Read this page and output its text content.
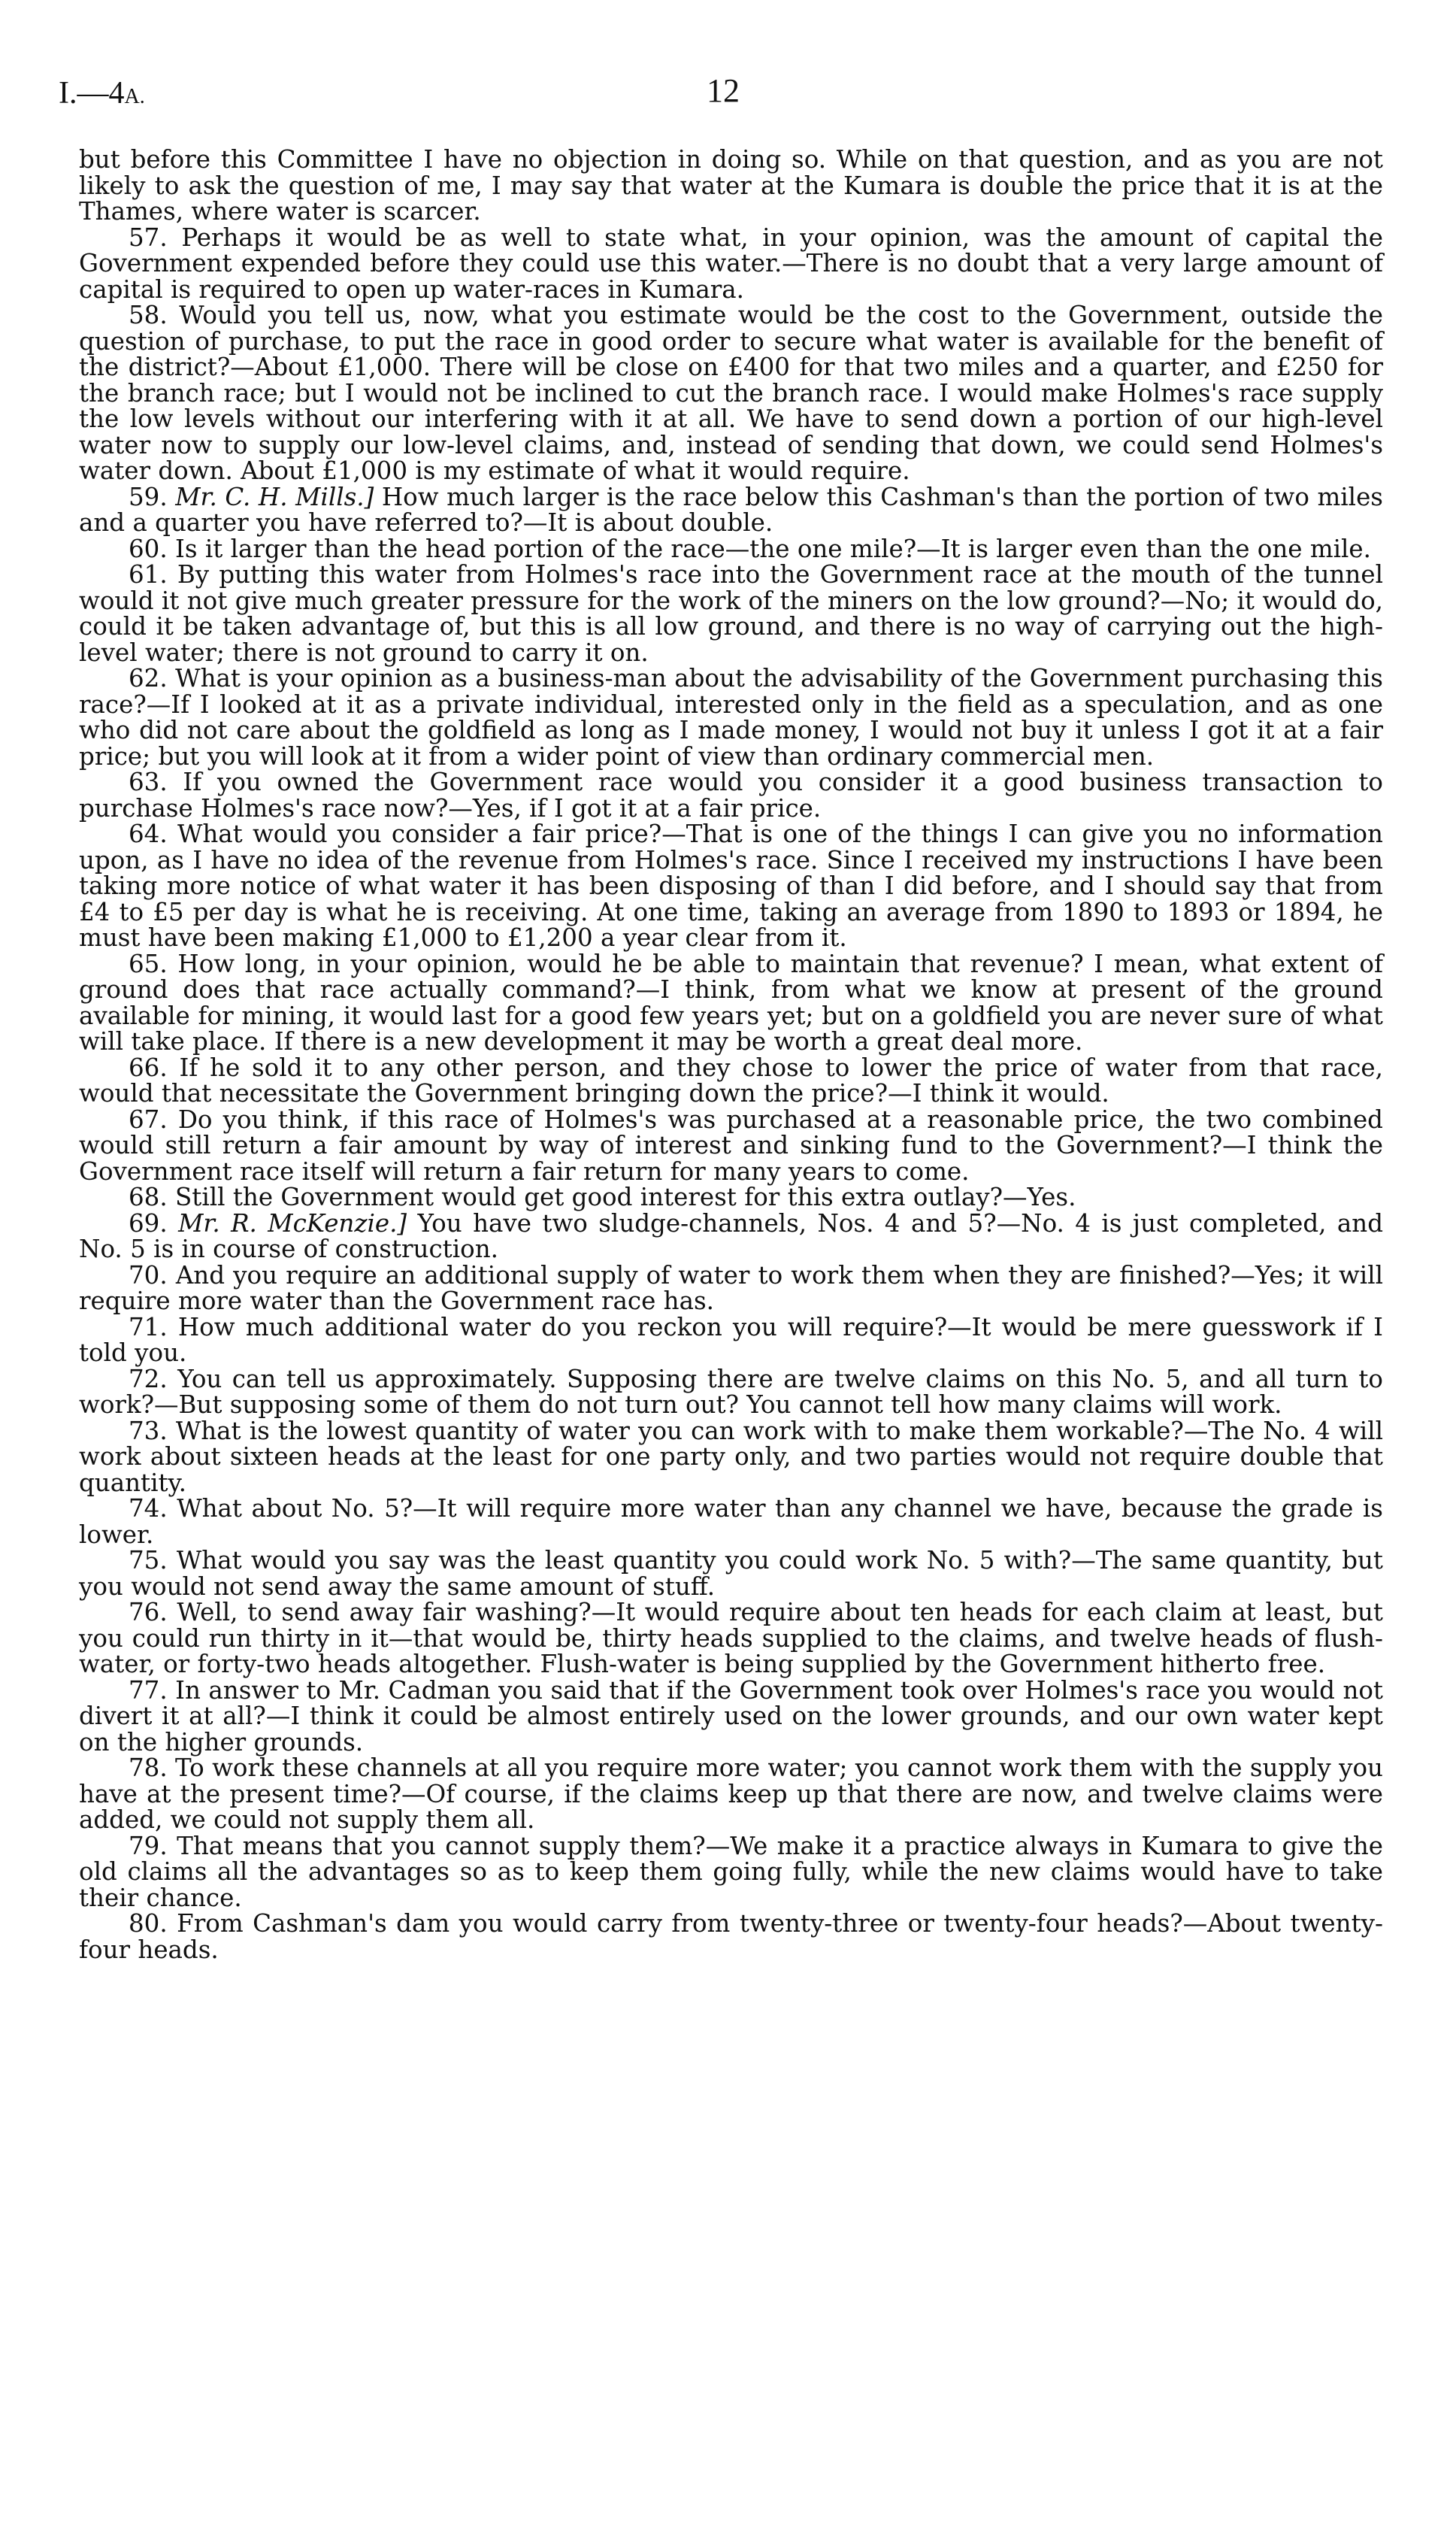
I.—4A.	12

but before this Committee I have no objection in doing so. While on that question, and as you are not likely to ask the question of me, I may say that water at the Kumara is double the price that it is at the Thames, where water is scarcer.

57. Perhaps it would be as well to state what, in your opinion, was the amount of capital the Government expended before they could use this water.—There is no doubt that a very large amount of capital is required to open up water-races in Kumara.

58. Would you tell us, now, what you estimate would be the cost to the Government, outside the question of purchase, to put the race in good order to secure what water is available for the benefit of the district?—About £1,000. There will be close on £400 for that two miles and a quarter, and £250 for the branch race; but I would not be inclined to cut the branch race. I would make Holmes's race supply the low levels without our interfering with it at all. We have to send down a portion of our high-level water now to supply our low-level claims, and, instead of sending that down, we could send Holmes's water down. About £1,000 is my estimate of what it would require.

59. Mr. C. H. Mills.] How much larger is the race below this Cashman's than the portion of two miles and a quarter you have referred to?—It is about double.

60. Is it larger than the head portion of the race—the one mile?—It is larger even than the one mile.

61. By putting this water from Holmes's race into the Government race at the mouth of the tunnel would it not give much greater pressure for the work of the miners on the low ground?—No; it would do, could it be taken advantage of, but this is all low ground, and there is no way of carrying out the high-level water; there is not ground to carry it on.

62. What is your opinion as a business-man about the advisability of the Government purchasing this race?—If I looked at it as a private individual, interested only in the field as a speculation, and as one who did not care about the goldfield as long as I made money, I would not buy it unless I got it at a fair price; but you will look at it from a wider point of view than ordinary commercial men.

63. If you owned the Government race would you consider it a good business transaction to purchase Holmes's race now?—Yes, if I got it at a fair price.

64. What would you consider a fair price?—That is one of the things I can give you no information upon, as I have no idea of the revenue from Holmes's race. Since I received my instructions I have been taking more notice of what water it has been disposing of than I did before, and I should say that from £4 to £5 per day is what he is receiving. At one time, taking an average from 1890 to 1893 or 1894, he must have been making £1,000 to £1,200 a year clear from it.

65. How long, in your opinion, would he be able to maintain that revenue? I mean, what extent of ground does that race actually command?—I think, from what we know at present of the ground available for mining, it would last for a good few years yet; but on a goldfield you are never sure of what will take place. If there is a new development it may be worth a great deal more.

66. If he sold it to any other person, and they chose to lower the price of water from that race, would that necessitate the Government bringing down the price?—I think it would.

67. Do you think, if this race of Holmes's was purchased at a reasonable price, the two combined would still return a fair amount by way of interest and sinking fund to the Government?—I think the Government race itself will return a fair return for many years to come.

68. Still the Government would get good interest for this extra outlay?—Yes.

69. Mr. R. McKenzie.] You have two sludge-channels, Nos. 4 and 5?—No. 4 is just completed, and No. 5 is in course of construction.

70. And you require an additional supply of water to work them when they are finished?—Yes; it will require more water than the Government race has.

71. How much additional water do you reckon you will require?—It would be mere guesswork if I told you.

72. You can tell us approximately. Supposing there are twelve claims on this No. 5, and all turn to work?—But supposing some of them do not turn out? You cannot tell how many claims will work.

73. What is the lowest quantity of water you can work with to make them workable?—The No. 4 will work about sixteen heads at the least for one party only, and two parties would not require double that quantity.

74. What about No. 5?—It will require more water than any channel we have, because the grade is lower.

75. What would you say was the least quantity you could work No. 5 with?—The same quantity, but you would not send away the same amount of stuff.

76. Well, to send away fair washing?—It would require about ten heads for each claim at least, but you could run thirty in it—that would be, thirty heads supplied to the claims, and twelve heads of flush-water, or forty-two heads altogether. Flush-water is being supplied by the Government hitherto free.

77. In answer to Mr. Cadman you said that if the Government took over Holmes's race you would not divert it at all?—I think it could be almost entirely used on the lower grounds, and our own water kept on the higher grounds.

78. To work these channels at all you require more water; you cannot work them with the supply you have at the present time?—Of course, if the claims keep up that there are now, and twelve claims were added, we could not supply them all.

79. That means that you cannot supply them?—We make it a practice always in Kumara to give the old claims all the advantages so as to keep them going fully, while the new claims would have to take their chance.

80. From Cashman's dam you would carry from twenty-three or twenty-four heads?—About twenty-four heads.
